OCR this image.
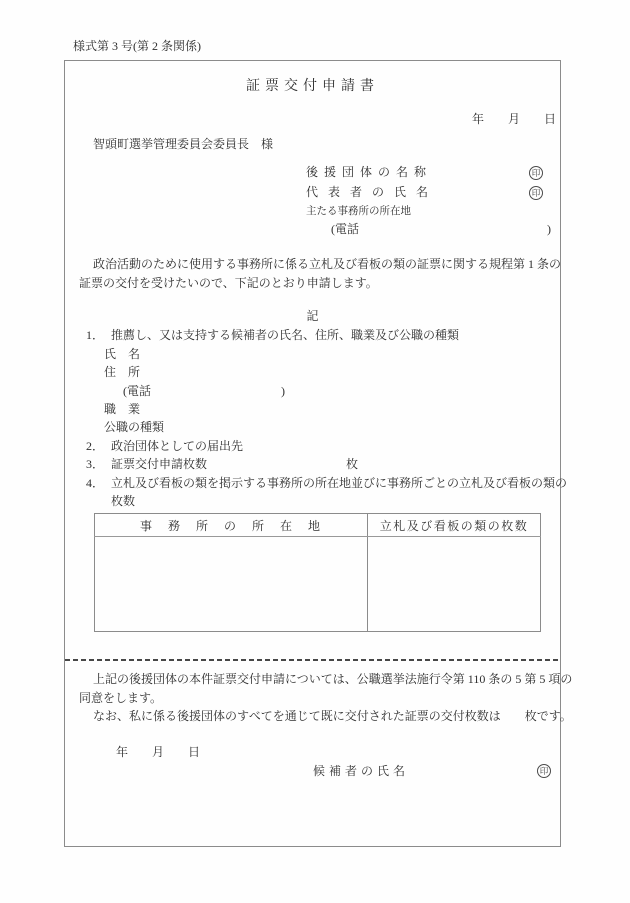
様式第 3 号(第 2 条関係)
証票交付申請書
年　　月　　日
智頭町選挙管理委員会委員長　様
後援団体の名称	印
代表者の氏名	印
主たる事務所の所在地
(電話	)
政治活動のために使用する事務所に係る立札及び看板の類の証票に関する規程第 1 条の
証票の交付を受けたいので、下記のとおり申請します。
記
1． 推薦し、又は支持する候補者の氏名、住所、職業及び公職の種類
氏　名
住　所
(電話	)
職　業
公職の種類
2． 政治団体としての届出先
3． 証票交付申請枚数	枚
4． 立札及び看板の類を掲示する事務所の所在地並びに事務所ごとの立札及び看板の類の
枚数
事　務　所　の　所　在　地	立札及び看板の類の枚数

上記の後援団体の本件証票交付申請については、公職選挙法施行令第 110 条の 5 第 5 項の
同意をします。
なお、私に係る後援団体のすべてを通じて既に交付された証票の交付枚数は　　枚です。
年　　月　　日
候補者の氏名	印
